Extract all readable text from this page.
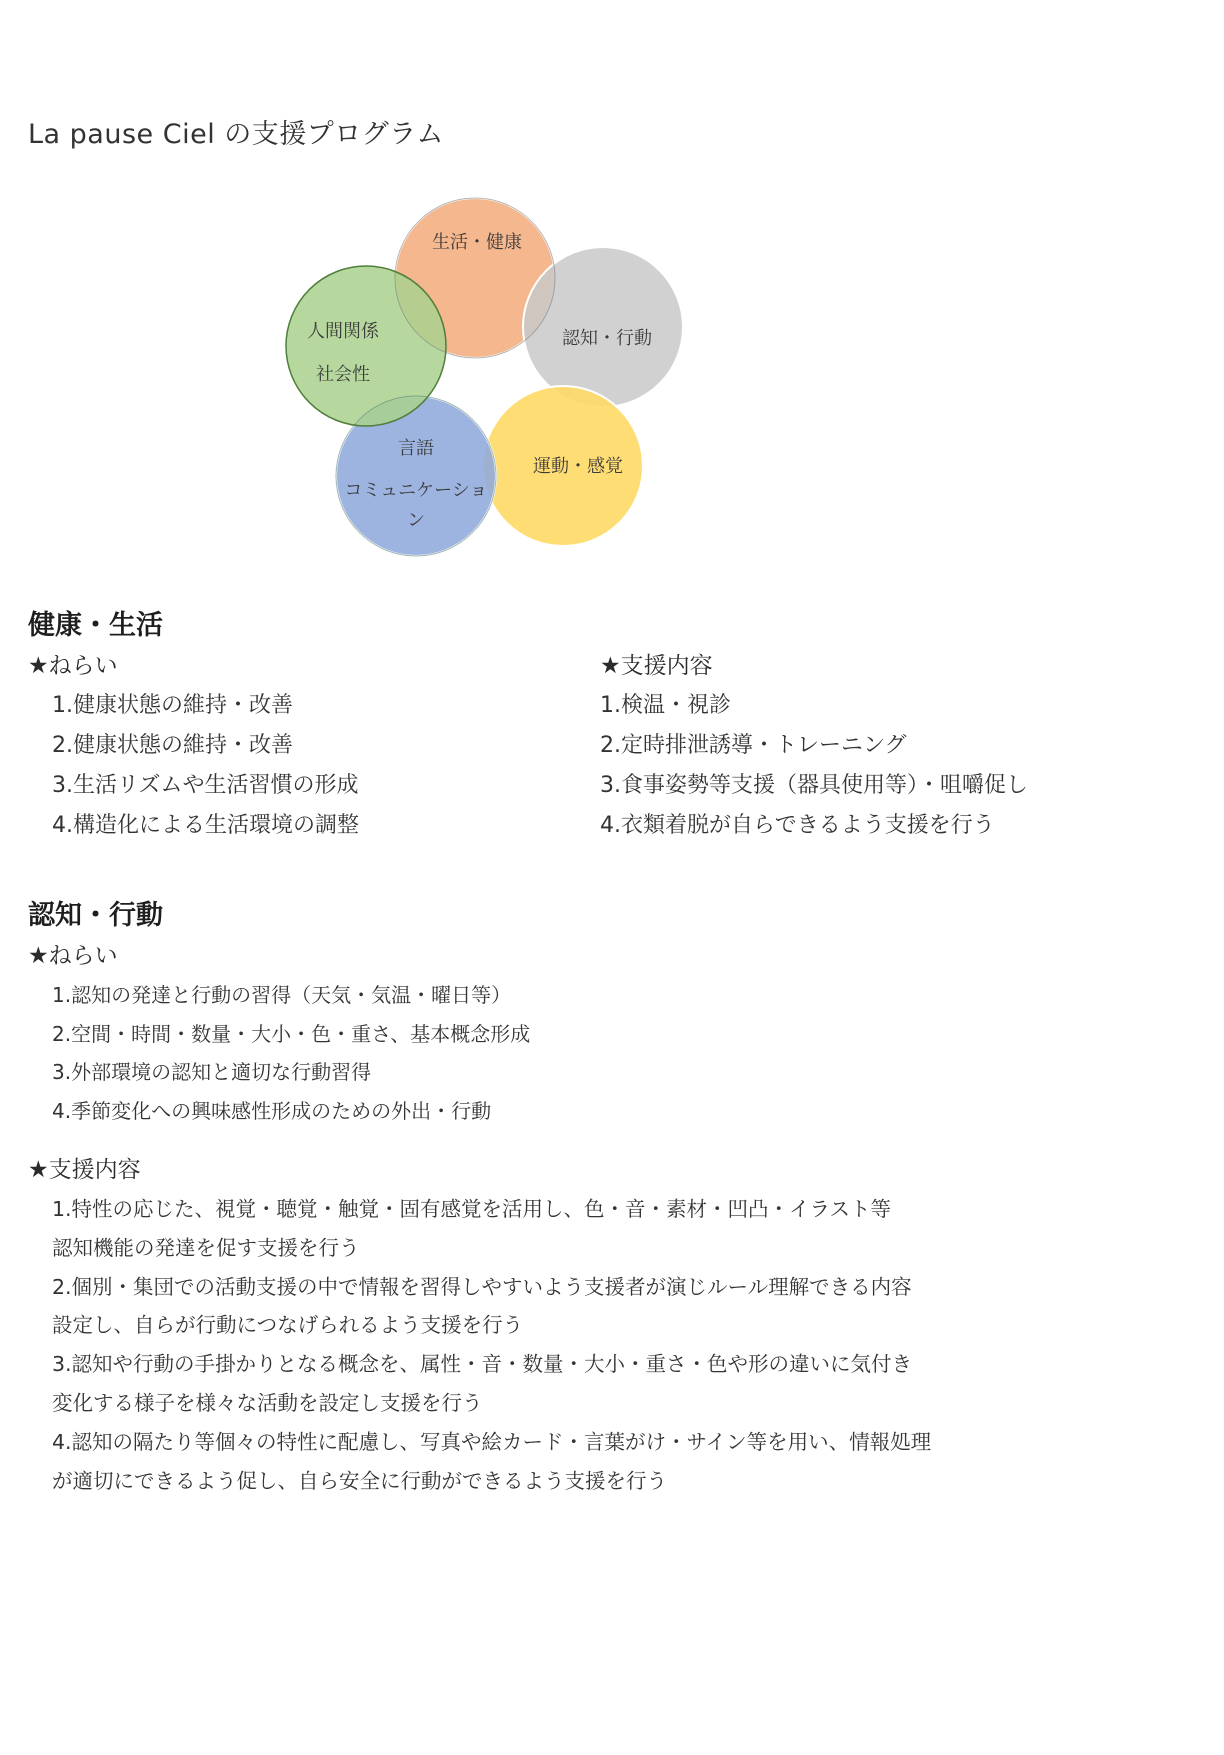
La pause Ciel の支援プログラム
生活・健康
認知・行動
運動・感覚
言語
コミュニケーショ
ン
人間関係
社会性
健康・生活
★ねらい
1.健康状態の維持・改善
2.健康状態の維持・改善
3.生活リズムや生活習慣の形成
4.構造化による生活環境の調整
★支援内容
1.検温・視診
2.定時排泄誘導・トレーニング
3.食事姿勢等支援（器具使用等）・咀嚼促し
4.衣類着脱が自らできるよう支援を行う
認知・行動
★ねらい
1.認知の発達と行動の習得（天気・気温・曜日等）
2.空間・時間・数量・大小・色・重さ、基本概念形成
3.外部環境の認知と適切な行動習得
4.季節変化への興味感性形成のための外出・行動
★支援内容
1.特性の応じた、視覚・聴覚・触覚・固有感覚を活用し、色・音・素材・凹凸・イラスト等
認知機能の発達を促す支援を行う
2.個別・集団での活動支援の中で情報を習得しやすいよう支援者が演じルール理解できる内容
設定し、自らが行動につなげられるよう支援を行う
3.認知や行動の手掛かりとなる概念を、属性・音・数量・大小・重さ・色や形の違いに気付き
変化する様子を様々な活動を設定し支援を行う
4.認知の隔たり等個々の特性に配慮し、写真や絵カード・言葉がけ・サイン等を用い、情報処理
が適切にできるよう促し、自ら安全に行動ができるよう支援を行う
